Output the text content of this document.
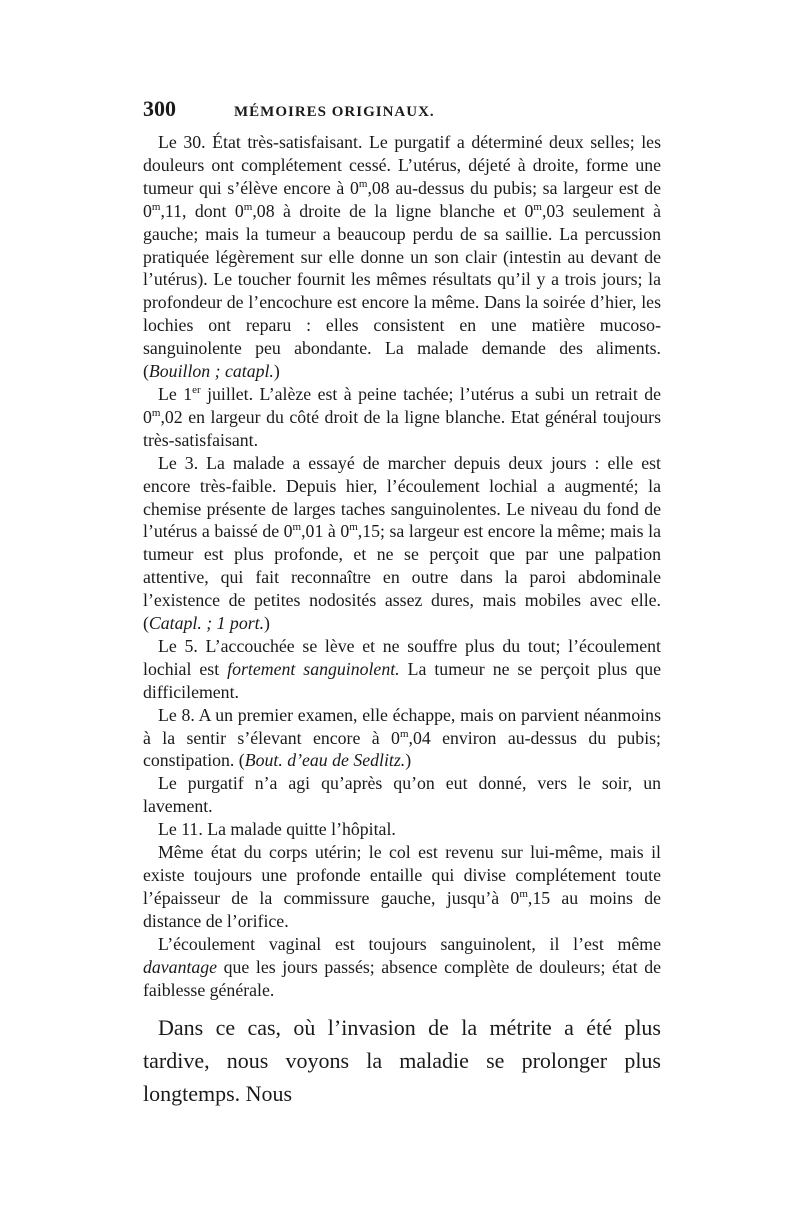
300	MÉMOIRES ORIGINAUX.

Le 30. État très-satisfaisant. Le purgatif a déterminé deux selles; les douleurs ont complétement cessé. L’utérus, déjeté à droite, forme une tumeur qui s’élève encore à 0$^m$,08 au-dessus du pubis; sa largeur est de 0$^m$,11, dont 0$^m$,08 à droite de la ligne blanche et 0$^m$,03 seulement à gauche; mais la tumeur a beaucoup perdu de sa saillie. La percussion pratiquée légèrement sur elle donne un son clair (intestin au devant de l’utérus). Le toucher fournit les mêmes résultats qu’il y a trois jours; la profondeur de l’encochure est encore la même. Dans la soirée d’hier, les lochies ont reparu : elles consistent en une matière mucoso-sanguinolente peu abondante. La malade demande des aliments. (Bouillon ; catapl.)

Le 1er juillet. L’alèze est à peine tachée; l’utérus a subi un retrait de 0$^m$,02 en largeur du côté droit de la ligne blanche. Etat général toujours très-satisfaisant.

Le 3. La malade a essayé de marcher depuis deux jours : elle est encore très-faible. Depuis hier, l’écoulement lochial a augmenté; la chemise présente de larges taches sanguinolentes. Le niveau du fond de l’utérus a baissé de 0$^m$,01 à 0$^m$,15; sa largeur est encore la même; mais la tumeur est plus profonde, et ne se perçoit que par une palpation attentive, qui fait reconnaître en outre dans la paroi abdominale l’existence de petites nodosités assez dures, mais mobiles avec elle. (Catapl. ; 1 port.)

Le 5. L’accouchée se lève et ne souffre plus du tout; l’écoulement lochial est fortement sanguinolent. La tumeur ne se perçoit plus que difficilement.

Le 8. A un premier examen, elle échappe, mais on parvient néanmoins à la sentir s’élevant encore à 0$^m$,04 environ au-dessus du pubis; constipation. (Bout. d’eau de Sedlitz.)

Le purgatif n’a agi qu’après qu’on eut donné, vers le soir, un lavement.

Le 11. La malade quitte l’hôpital.

Même état du corps utérin; le col est revenu sur lui-même, mais il existe toujours une profonde entaille qui divise complétement toute l’épaisseur de la commissure gauche, jusqu’à 0$^m$,15 au moins de distance de l’orifice.

L’écoulement vaginal est toujours sanguinolent, il l’est même davantage que les jours passés; absence complète de douleurs; état de faiblesse générale.

Dans ce cas, où l’invasion de la métrite a été plus tardive, nous voyons la maladie se prolonger plus longtemps. Nous
